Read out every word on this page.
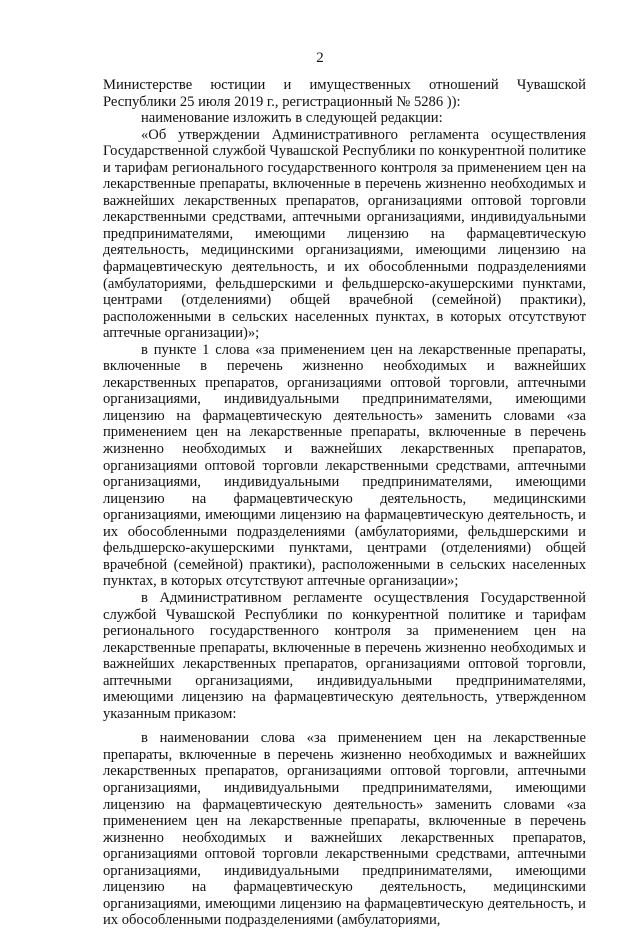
2

Министерстве юстиции и имущественных отношений Чувашской Республики 25 июля 2019 г., регистрационный № 5286 )):

наименование изложить в следующей редакции:

«Об утверждении Административного регламента осуществления Государственной службой Чувашской Республики по конкурентной политике и тарифам регионального государственного контроля за применением цен на лекарственные препараты, включенные в перечень жизненно необходимых и важнейших лекарственных препаратов, организациями оптовой торговли лекарственными средствами, аптечными организациями, индивидуальными предпринимателями, имеющими лицензию на фармацевтическую деятельность, медицинскими организациями, имеющими лицензию на фармацевтическую деятельность, и их обособленными подразделениями (амбулаториями, фельдшерскими и фельдшерско-акушерскими пунктами, центрами (отделениями) общей врачебной (семейной) практики), расположенными в сельских населенных пунктах, в которых отсутствуют аптечные организации)»;

в пункте 1 слова «за применением цен на лекарственные препараты, включенные в перечень жизненно необходимых и важнейших лекарственных препаратов, организациями оптовой торговли, аптечными организациями, индивидуальными предпринимателями, имеющими лицензию на фармацевтическую деятельность» заменить словами «за применением цен на лекарственные препараты, включенные в перечень жизненно необходимых и важнейших лекарственных препаратов, организациями оптовой торговли лекарственными средствами, аптечными организациями, индивидуальными предпринимателями, имеющими лицензию на фармацевтическую деятельность, медицинскими организациями, имеющими лицензию на фармацевтическую деятельность, и их обособленными подразделениями (амбулаториями, фельдшерскими и фельдшерско-акушерскими пунктами, центрами (отделениями) общей врачебной (семейной) практики), расположенными в сельских населенных пунктах, в которых отсутствуют аптечные организации»;

в Административном регламенте осуществления Государственной службой Чувашской Республики по конкурентной политике и тарифам регионального государственного контроля за применением цен на лекарственные препараты, включенные в перечень жизненно необходимых и важнейших лекарственных препаратов, организациями оптовой торговли, аптечными организациями, индивидуальными предпринимателями, имеющими лицензию на фармацевтическую деятельность, утвержденном указанным приказом:

в наименовании слова «за применением цен на лекарственные препараты, включенные в перечень жизненно необходимых и важнейших лекарственных препаратов, организациями оптовой торговли, аптечными организациями, индивидуальными предпринимателями, имеющими лицензию на фармацевтическую деятельность» заменить словами «за применением цен на лекарственные препараты, включенные в перечень жизненно необходимых и важнейших лекарственных препаратов, организациями оптовой торговли лекарственными средствами, аптечными организациями, индивидуальными предпринимателями, имеющими лицензию на фармацевтическую деятельность, медицинскими организациями, имеющими лицензию на фармацевтическую деятельность, и их обособленными подразделениями (амбулаториями,
